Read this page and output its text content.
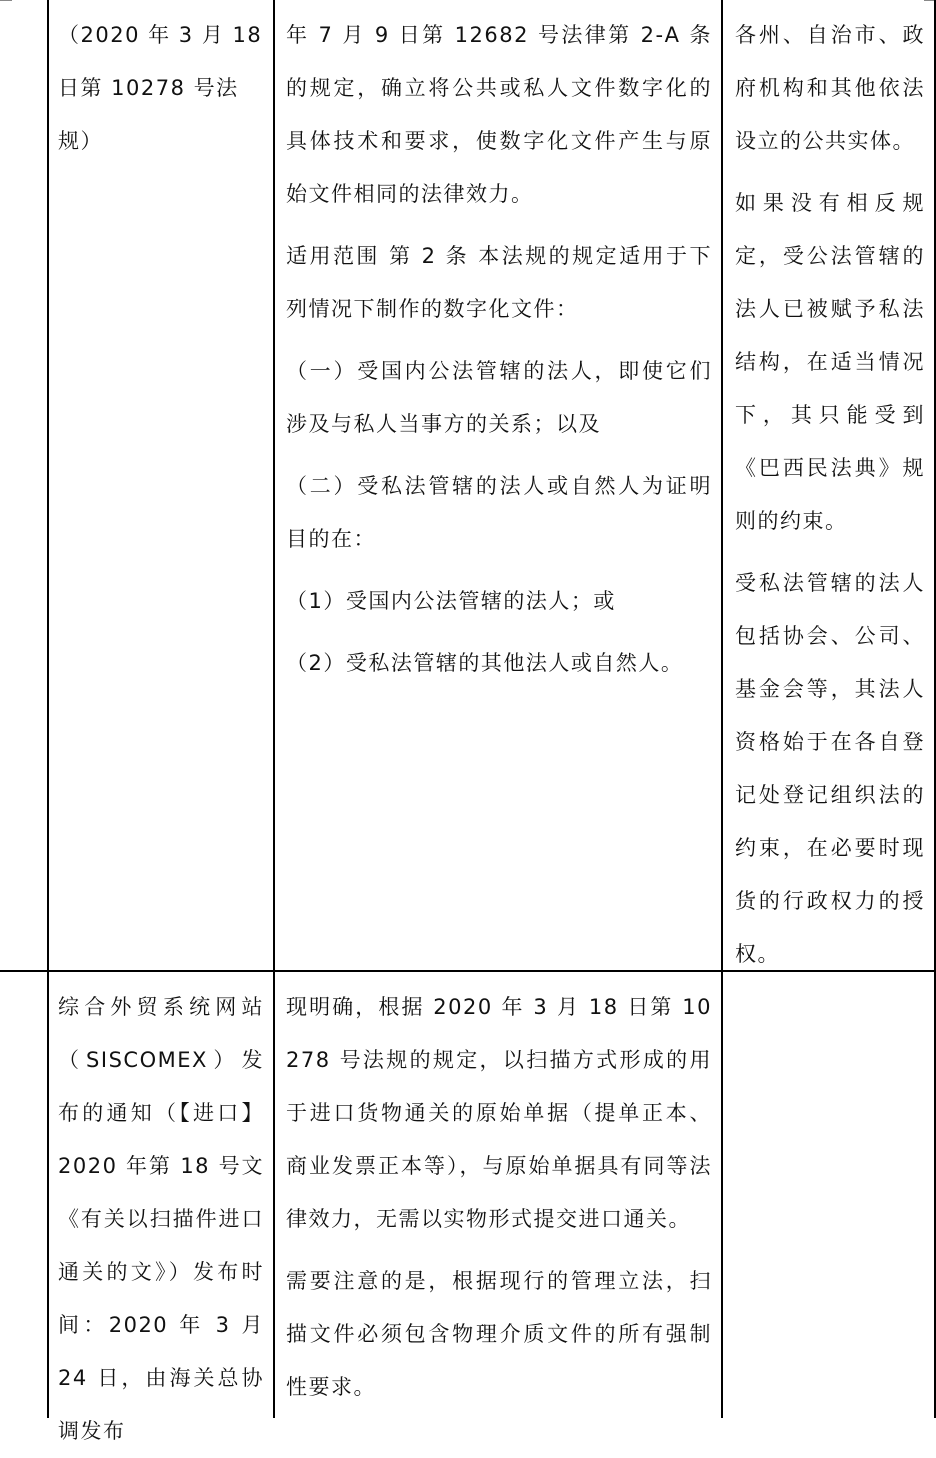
（2020 年 3 月 18 日第 10278 号法规）

年 7 月 9 日第 12682 号法律第 2-A 条的规定，确立将公共或私人文件数字化的具体技术和要求，使数字化文件产生与原始文件相同的法律效力。

适用范围 第 2 条 本法规的规定适用于下列情况下制作的数字化文件：

（一）受国内公法管辖的法人，即使它们涉及与私人当事方的关系；以及

（二）受私法管辖的法人或自然人为证明目的在：

（1）受国内公法管辖的法人；或

（2）受私法管辖的其他法人或自然人。

各州、自治市、政府机构和其他依法设立的公共实体。

如果没有相反规定，受公法管辖的法人已被赋予私法结构，在适当情况下，其只能受到《巴西民法典》规则的约束。

受私法管辖的法人包括协会、公司、基金会等，其法人资格始于在各自登记处登记组织法的约束，在必要时现货的行政权力的授权。

综合外贸系统网站（SISCOMEX）发布的通知（【进口】2020 年第 18 号文《有关以扫描件进口通关的文》）发布时间：2020 年 3 月 24 日，由海关总协调发布

现明确，根据 2020 年 3 月 18 日第 10278 号法规的规定，以扫描方式形成的用于进口货物通关的原始单据（提单正本、商业发票正本等），与原始单据具有同等法律效力，无需以实物形式提交进口通关。

需要注意的是，根据现行的管理立法，扫描文件必须包含物理介质文件的所有强制性要求。
